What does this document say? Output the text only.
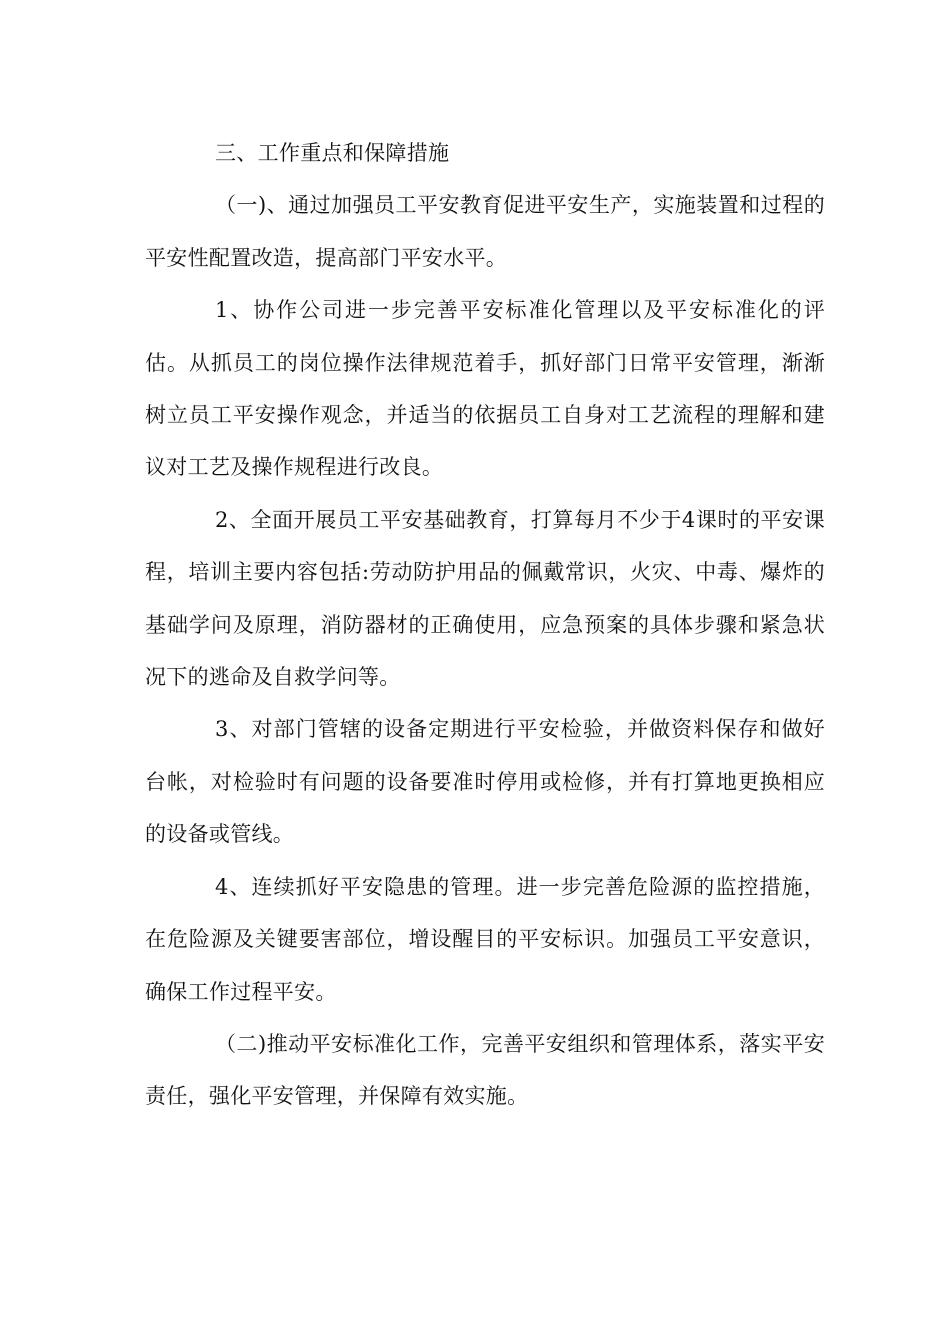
三、工作重点和保障措施

（一)、通过加强员工平安教育促进平安生产，实施装置和过程的平安性配置改造，提高部门平安水平。

1、协作公司进一步完善平安标准化管理以及平安标准化的评估。从抓员工的岗位操作法律规范着手，抓好部门日常平安管理，渐渐树立员工平安操作观念，并适当的依据员工自身对工艺流程的理解和建议对工艺及操作规程进行改良。

2、全面开展员工平安基础教育，打算每月不少于4课时的平安课程，培训主要内容包括:劳动防护用品的佩戴常识，火灾、中毒、爆炸的基础学问及原理，消防器材的正确使用，应急预案的具体步骤和紧急状况下的逃命及自救学问等。

3、对部门管辖的设备定期进行平安检验，并做资料保存和做好台帐，对检验时有问题的设备要准时停用或检修，并有打算地更换相应的设备或管线。

4、连续抓好平安隐患的管理。进一步完善危险源的监控措施，在危险源及关键要害部位，增设醒目的平安标识。加强员工平安意识，确保工作过程平安。

（二)推动平安标准化工作，完善平安组织和管理体系，落实平安责任，强化平安管理，并保障有效实施。
